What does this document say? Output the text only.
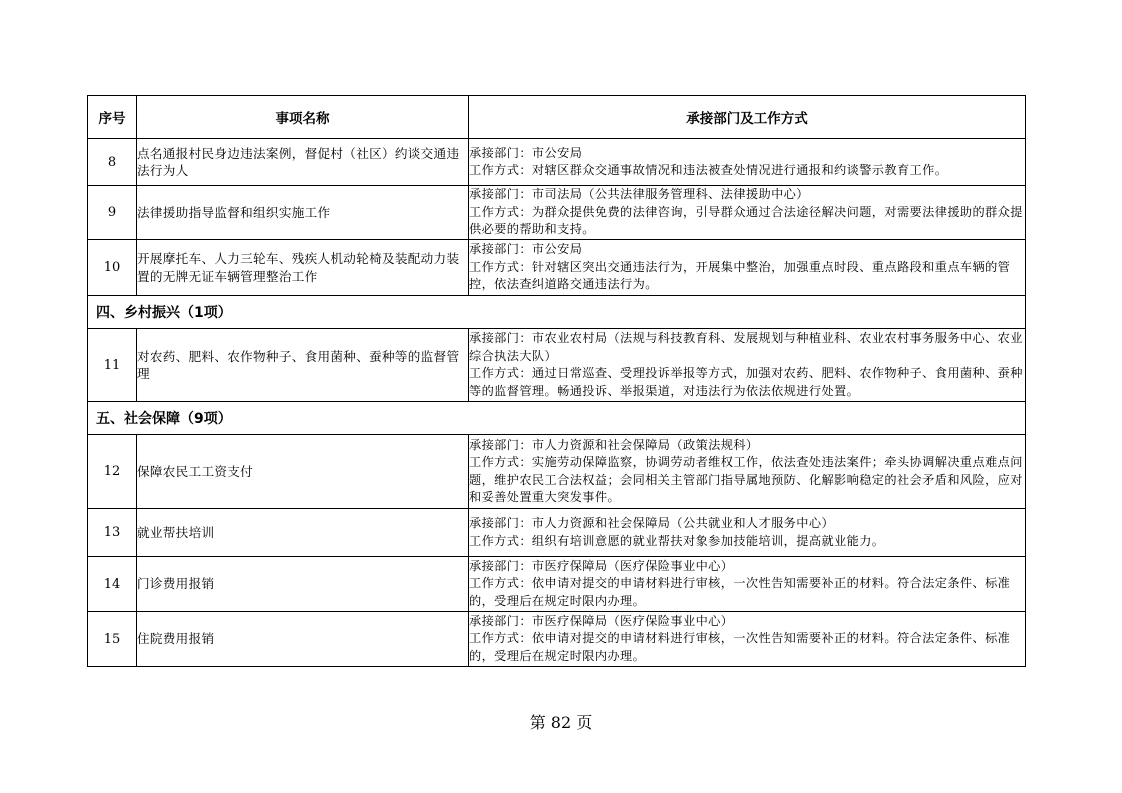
序号	事项名称	承接部门及工作方式
8	点名通报村民身边违法案例，督促村（社区）约谈交通违法行为人	承接部门：市公安局
工作方式：对辖区群众交通事故情况和违法被查处情况进行通报和约谈警示教育工作。

9	法律援助指导监督和组织实施工作	承接部门：市司法局（公共法律服务管理科、法律援助中心）
工作方式：为群众提供免费的法律咨询，引导群众通过合法途径解决问题，对需要法律援助的群众提供必要的帮助和支持。

10	开展摩托车、人力三轮车、残疾人机动轮椅及装配动力装置的无牌无证车辆管理整治工作	承接部门：市公安局
工作方式：针对辖区突出交通违法行为，开展集中整治，加强重点时段、重点路段和重点车辆的管控，依法查纠道路交通违法行为。

四、乡村振兴（1项）		
11	对农药、肥料、农作物种子、食用菌种、蚕种等的监督管理	承接部门：市农业农村局（法规与科技教育科、发展规划与种植业科、农业农村事务服务中心、农业综合执法大队）
工作方式：通过日常巡查、受理投诉举报等方式，加强对农药、肥料、农作物种子、食用菌种、蚕种等的监督管理。畅通投诉、举报渠道，对违法行为依法依规进行处置。

五、社会保障（9项）		
12	保障农民工工资支付	承接部门：市人力资源和社会保障局（政策法规科）
工作方式：实施劳动保障监察，协调劳动者维权工作，依法查处违法案件；牵头协调解决重点难点问题，维护农民工合法权益；会同相关主管部门指导属地预防、化解影响稳定的社会矛盾和风险，应对和妥善处置重大突发事件。

13	就业帮扶培训	承接部门：市人力资源和社会保障局（公共就业和人才服务中心）
工作方式：组织有培训意愿的就业帮扶对象参加技能培训，提高就业能力。

14	门诊费用报销	承接部门：市医疗保障局（医疗保险事业中心）
工作方式：依申请对提交的申请材料进行审核，一次性告知需要补正的材料。符合法定条件、标准的，受理后在规定时限内办理。

15	住院费用报销	承接部门：市医疗保障局（医疗保险事业中心）
工作方式：依申请对提交的申请材料进行审核，一次性告知需要补正的材料。符合法定条件、标准的，受理后在规定时限内办理。
第 82 页
